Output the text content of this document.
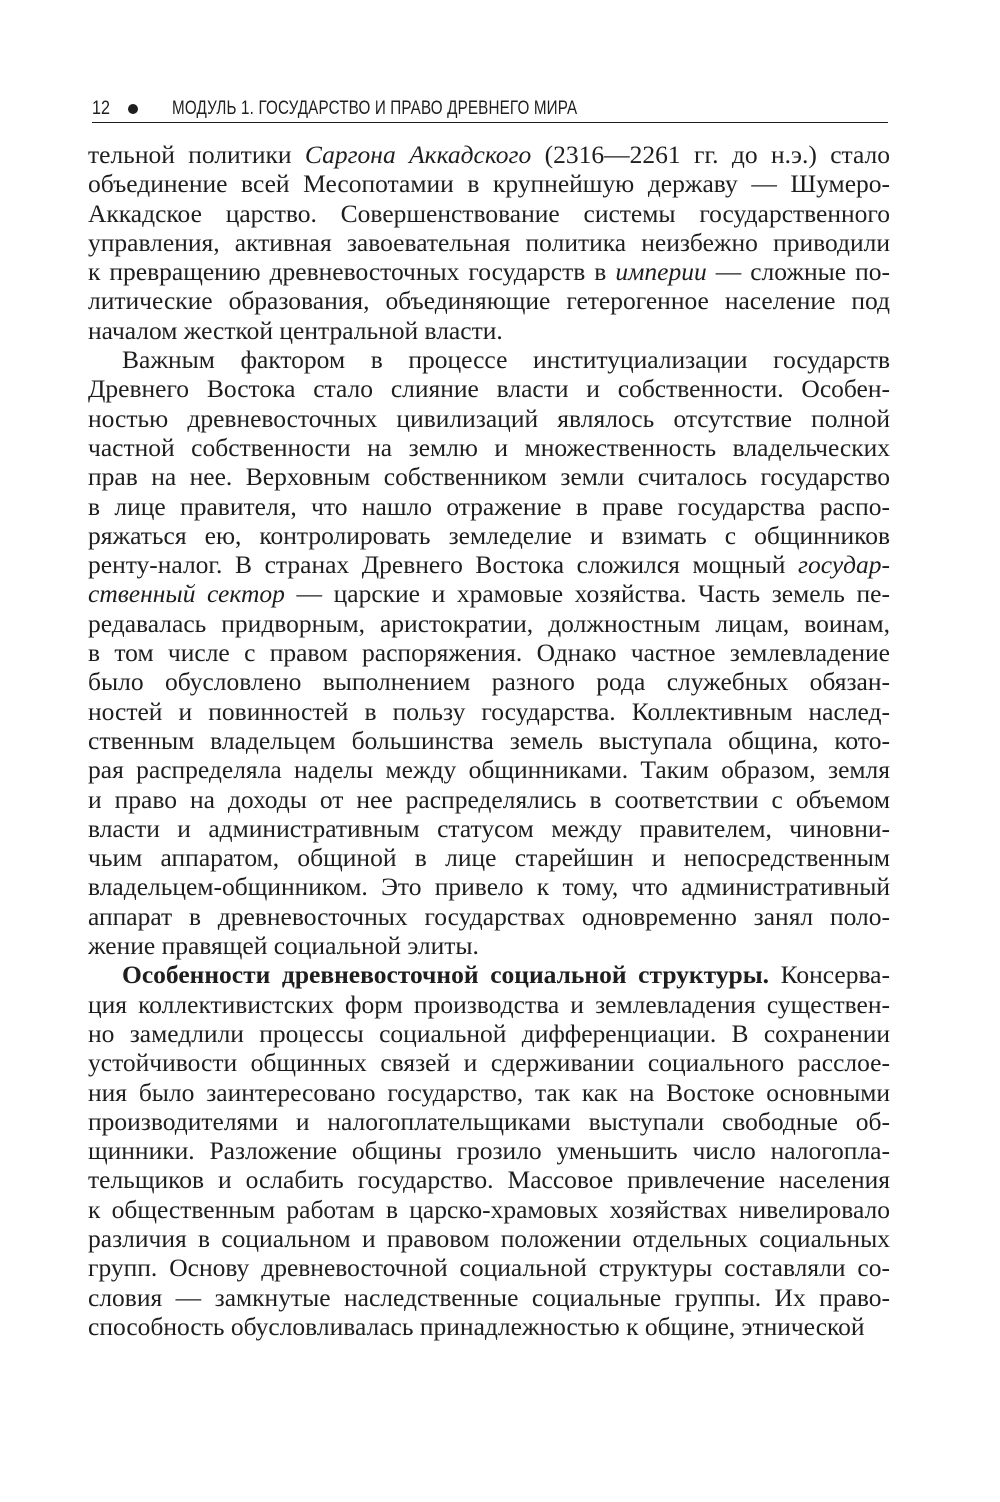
12	МОДУЛЬ 1. ГОСУДАРСТВО И ПРАВО ДРЕВНЕГО МИРА
тельной политики Саргона Аккадского (2316—2261 гг. до н.э.) стало
объединение всей Месопотамии в крупнейшую державу — Шумеро-
Аккадское царство. Совершенствование системы государственного
управления, активная завоевательная политика неизбежно приводили
к превращению древневосточных государств в империи — сложные по-
литические образования, объединяющие гетерогенное население под
началом жесткой центральной власти.
Важным фактором в процессе институциализации государств
Древнего Востока стало слияние власти и собственности. Особен-
ностью древневосточных цивилизаций являлось отсутствие полной
частной собственности на землю и множественность владельческих
прав на нее. Верховным собственником земли считалось государство
в лице правителя, что нашло отражение в праве государства распо-
ряжаться ею, контролировать земледелие и взимать с общинников
ренту-налог. В странах Древнего Востока сложился мощный государ-
ственный сектор — царские и храмовые хозяйства. Часть земель пе-
редавалась придворным, аристократии, должностным лицам, воинам,
в том числе с правом распоряжения. Однако частное землевладение
было обусловлено выполнением разного рода служебных обязан-
ностей и повинностей в пользу государства. Коллективным наслед-
ственным владельцем большинства земель выступала община, кото-
рая распределяла наделы между общинниками. Таким образом, земля
и право на доходы от нее распределялись в соответствии с объемом
власти и административным статусом между правителем, чиновни-
чьим аппаратом, общиной в лице старейшин и непосредственным
владельцем-общинником. Это привело к тому, что административный
аппарат в древневосточных государствах одновременно занял поло-
жение правящей социальной элиты.
Особенности древневосточной социальной структуры. Консерва-
ция коллективистских форм производства и землевладения существен-
но замедлили процессы социальной дифференциации. В сохранении
устойчивости общинных связей и сдерживании социального расслое-
ния было заинтересовано государство, так как на Востоке основными
производителями и налогоплательщиками выступали свободные об-
щинники. Разложение общины грозило уменьшить число налогопла-
тельщиков и ослабить государство. Массовое привлечение населения
к общественным работам в царско-храмовых хозяйствах нивелировало
различия в социальном и правовом положении отдельных социальных
групп. Основу древневосточной социальной структуры составляли со-
словия — замкнутые наследственные социальные группы. Их право-
способность обусловливалась принадлежностью к общине, этнической
